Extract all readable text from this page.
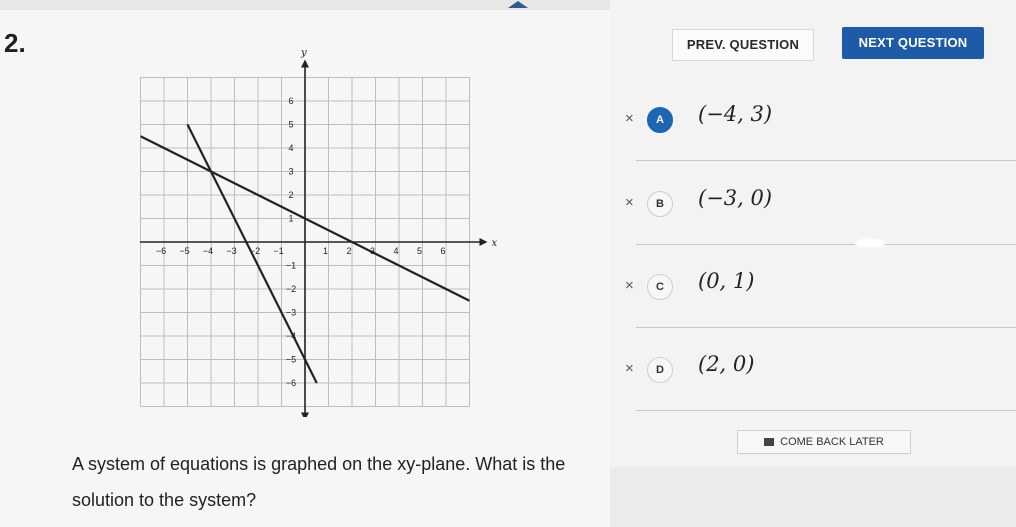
2.
x
y
−6 −5 −4 −3 −2 −1	1 2 3 4 5 6
6
5
4
3
2
1
−1
−2
−3
−4
−5
−6
A system of equations is graphed on the xy-plane. What is the solution to the system?
PREV. QUESTION	NEXT QUESTION
×	A	(−4, 3)
×	B	(−3, 0)
×	C	(0, 1)
×	D	(2, 0)
COME BACK LATER
